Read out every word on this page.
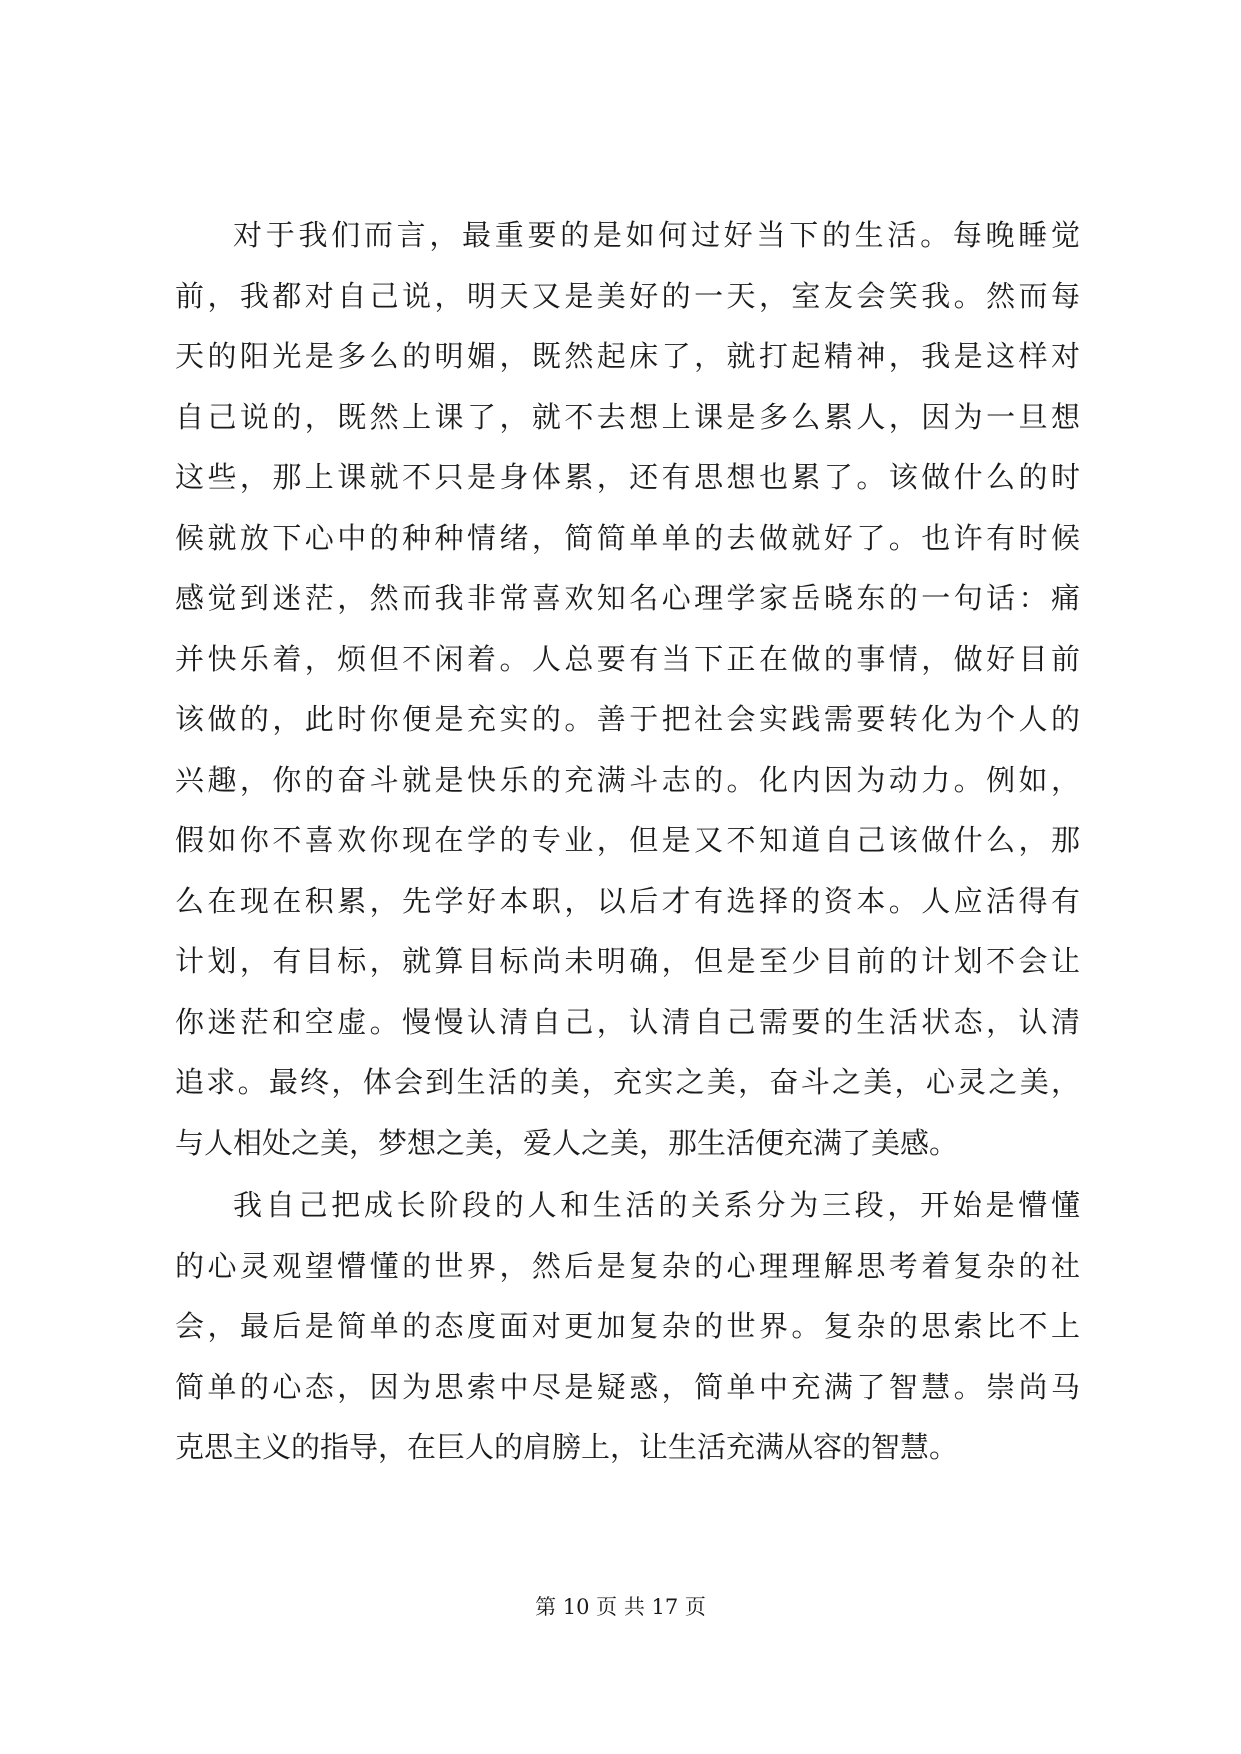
对于我们而言，最重要的是如何过好当下的生活。每晚睡觉
前，我都对自己说，明天又是美好的一天，室友会笑我。然而每
天的阳光是多么的明媚，既然起床了，就打起精神，我是这样对
自己说的，既然上课了，就不去想上课是多么累人，因为一旦想
这些，那上课就不只是身体累，还有思想也累了。该做什么的时
候就放下心中的种种情绪，简简单单的去做就好了。也许有时候
感觉到迷茫，然而我非常喜欢知名心理学家岳晓东的一句话：痛
并快乐着，烦但不闲着。人总要有当下正在做的事情，做好目前
该做的，此时你便是充实的。善于把社会实践需要转化为个人的
兴趣，你的奋斗就是快乐的充满斗志的。化内因为动力。例如，
假如你不喜欢你现在学的专业，但是又不知道自己该做什么，那
么在现在积累，先学好本职，以后才有选择的资本。人应活得有
计划，有目标，就算目标尚未明确，但是至少目前的计划不会让
你迷茫和空虚。慢慢认清自己，认清自己需要的生活状态，认清
追求。最终，体会到生活的美，充实之美，奋斗之美，心灵之美，
与人相处之美，梦想之美，爱人之美，那生活便充满了美感。
我自己把成长阶段的人和生活的关系分为三段，开始是懵懂
的心灵观望懵懂的世界，然后是复杂的心理理解思考着复杂的社
会，最后是简单的态度面对更加复杂的世界。复杂的思索比不上
简单的心态，因为思索中尽是疑惑，简单中充满了智慧。崇尚马
克思主义的指导，在巨人的肩膀上，让生活充满从容的智慧。
第 10 页 共 17 页
